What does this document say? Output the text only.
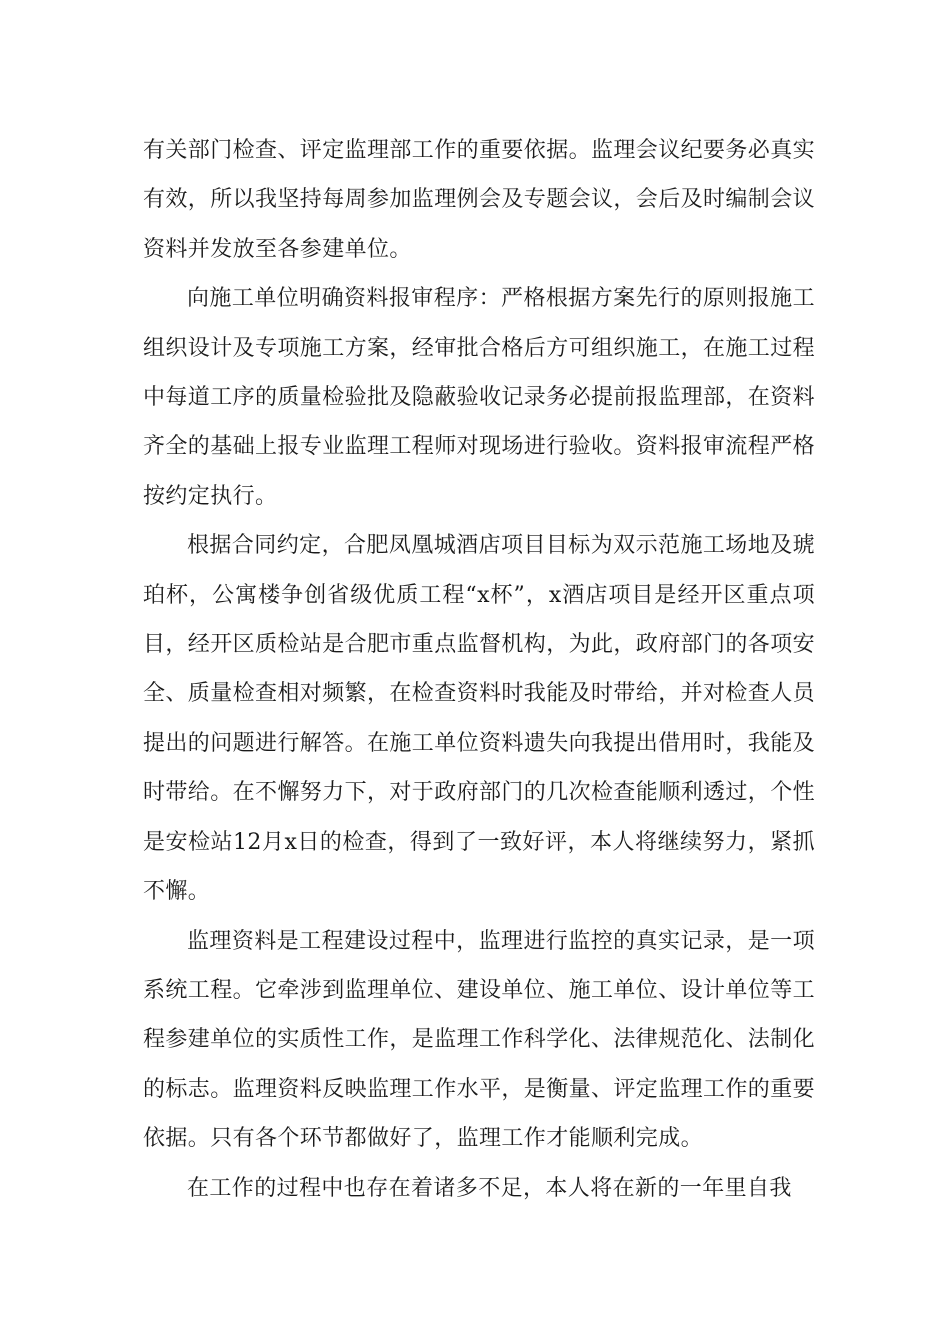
有关部门检查、评定监理部工作的重要依据。监理会议纪要务必真实有效，所以我坚持每周参加监理例会及专题会议，会后及时编制会议资料并发放至各参建单位。

向施工单位明确资料报审程序：严格根据方案先行的原则报施工组织设计及专项施工方案，经审批合格后方可组织施工，在施工过程中每道工序的质量检验批及隐蔽验收记录务必提前报监理部，在资料齐全的基础上报专业监理工程师对现场进行验收。资料报审流程严格按约定执行。

根据合同约定，合肥凤凰城酒店项目目标为双示范施工场地及琥珀杯，公寓楼争创省级优质工程“x杯”，x酒店项目是经开区重点项目，经开区质检站是合肥市重点监督机构，为此，政府部门的各项安全、质量检查相对频繁，在检查资料时我能及时带给，并对检查人员提出的问题进行解答。在施工单位资料遗失向我提出借用时，我能及时带给。在不懈努力下，对于政府部门的几次检查能顺利透过，个性是安检站12月x日的检查，得到了一致好评，本人将继续努力，紧抓不懈。

监理资料是工程建设过程中，监理进行监控的真实记录，是一项系统工程。它牵涉到监理单位、建设单位、施工单位、设计单位等工程参建单位的实质性工作，是监理工作科学化、法律规范化、法制化的标志。监理资料反映监理工作水平，是衡量、评定监理工作的重要依据。只有各个环节都做好了，监理工作才能顺利完成。

在工作的过程中也存在着诸多不足，本人将在新的一年里自我
